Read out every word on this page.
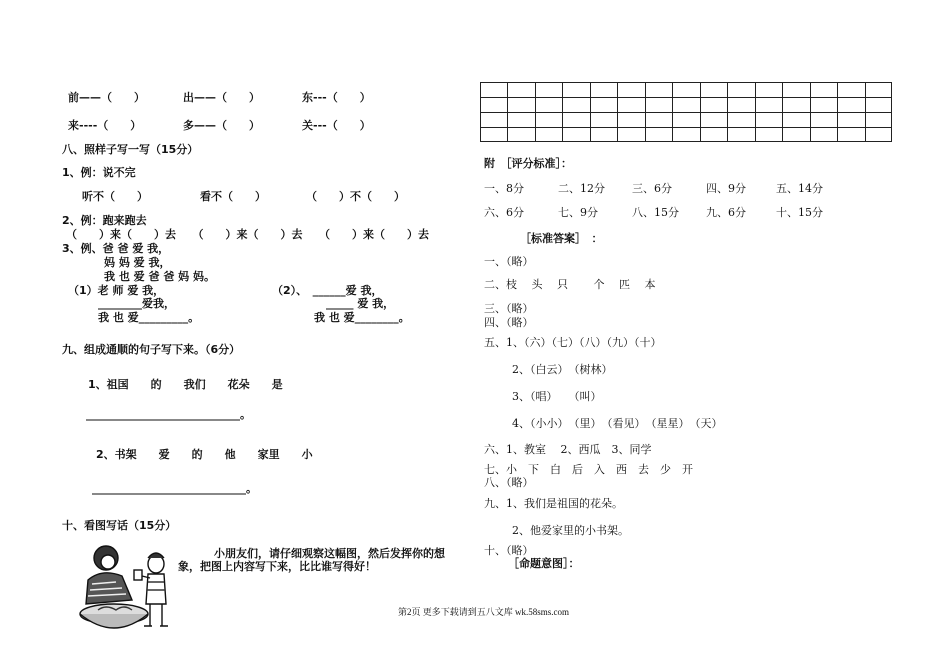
前——（　　）	出——（　　）	东---（　　）
来----（　　）	多——（　　）	关---（　　）
八、照样子写一写（15分）
1、例：说不完
听不（　　）	看不（　　）	（　　）不（　　）
2、例：跑来跑去
（　　）来（　　）去　　（　　）来（　　）去　　（　　）来（　　）去
3、例、爸 爸 爱 我，
妈 妈 爱 我，
我 也 爱 爸 爸 妈 妈。
（1）老 师 爱 我，	（2）、　______爱 我，
________爱我，	_____ 爱 我，
我 也 爱_________。	我 也 爱________。
九、组成通顺的句子写下来。（6分）
1、祖国　　的　　我们　　花朵　　是
____________________________。
2、书架　　爱　　的　　他　　家里　　小
____________________________。
十、看图写话（15分）
小朋友们，请仔细观察这幅图，然后发挥你的想
象，把图上内容写下来，比比谁写得好！
附　［评分标准］：
一、8分	二、12分 三、6分	四、9分	五、14分
六、6分	七、9分	八、15分 九、6分	十、15分
［标准答案］　：
一、（略）
二、枝　 头　 只　　 个　 匹　 本
三、（略）
四、（略）
五、1、（六）（七）（八）（九）（十）
2、（白云）　（树林）
3、（唱）　　（叫）
4、（小小）　（里）　（看见）　（星星）　（天）
六、1、教室　 2、西瓜　3、同学
七、小　下　白　后　入　西　去　少　开
八、（略）
九、1、我们是祖国的花朵。
2、他爱家里的小书架。
十、（略）
［命题意图］：
第2页 更多下载请到五八文库 wk.58sms.com
